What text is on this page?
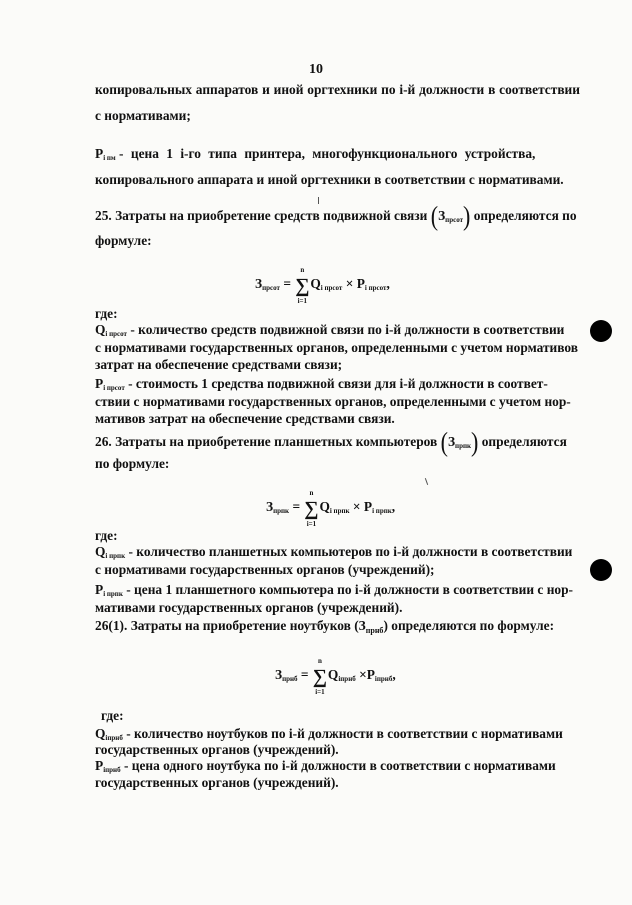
10
копировальных аппаратов и иной оргтехники по i-й должности в соответствии
с нормативами;
$P_{i пм}$ - цена 1 i-го типа принтера, многофункционального устройства,
копировального аппарата и иной оргтехники в соответствии с нормативами.
25. Затраты на приобретение средств подвижной связи $(З_{прсот})$ определяются по
формуле:
$З_{прсот}$ = ∑
n
i=1
$Q_{i прсот} \times P_{i прсот}$,
где:
$Q_{i прсот}$ - количество средств подвижной связи по i-й должности в соответствии
с нормативами государственных органов, определенными с учетом нормативов
затрат на обеспечение средствами связи;
$P_{i прсот}$ - стоимость 1 средства подвижной связи для i-й должности в соответ-
ствии с нормативами государственных органов, определенными с учетом нор-
мативов затрат на обеспечение средствами связи.
26. Затраты на приобретение планшетных компьютеров $(З_{прпк})$ определяются
по формуле:
$З_{прпк}$ = ∑
n
i=1
$Q_{i прпк} \times P_{i прпк}$,
где:
$Q_{i прпк}$ - количество планшетных компьютеров по i-й должности в соответствии
с нормативами государственных органов (учреждений);
$P_{i прпк}$ - цена 1 планшетного компьютера по i-й должности в соответствии с нор-
мативами государственных органов (учреждений).
26(1). Затраты на приобретение ноутбуков $(З_{прнб})$ определяются по формуле:
$З_{прнб}$ = ∑
n
i=1
$Q_{iпрнб} \times P_{iпрнб}$,
где:
$Q_{iпрнб}$ - количество ноутбуков по i-й должности в соответствии с нормативами
государственных органов (учреждений).
$P_{iпрнб}$ - цена одного ноутбука по i-й должности в соответствии с нормативами
государственных органов (учреждений).
